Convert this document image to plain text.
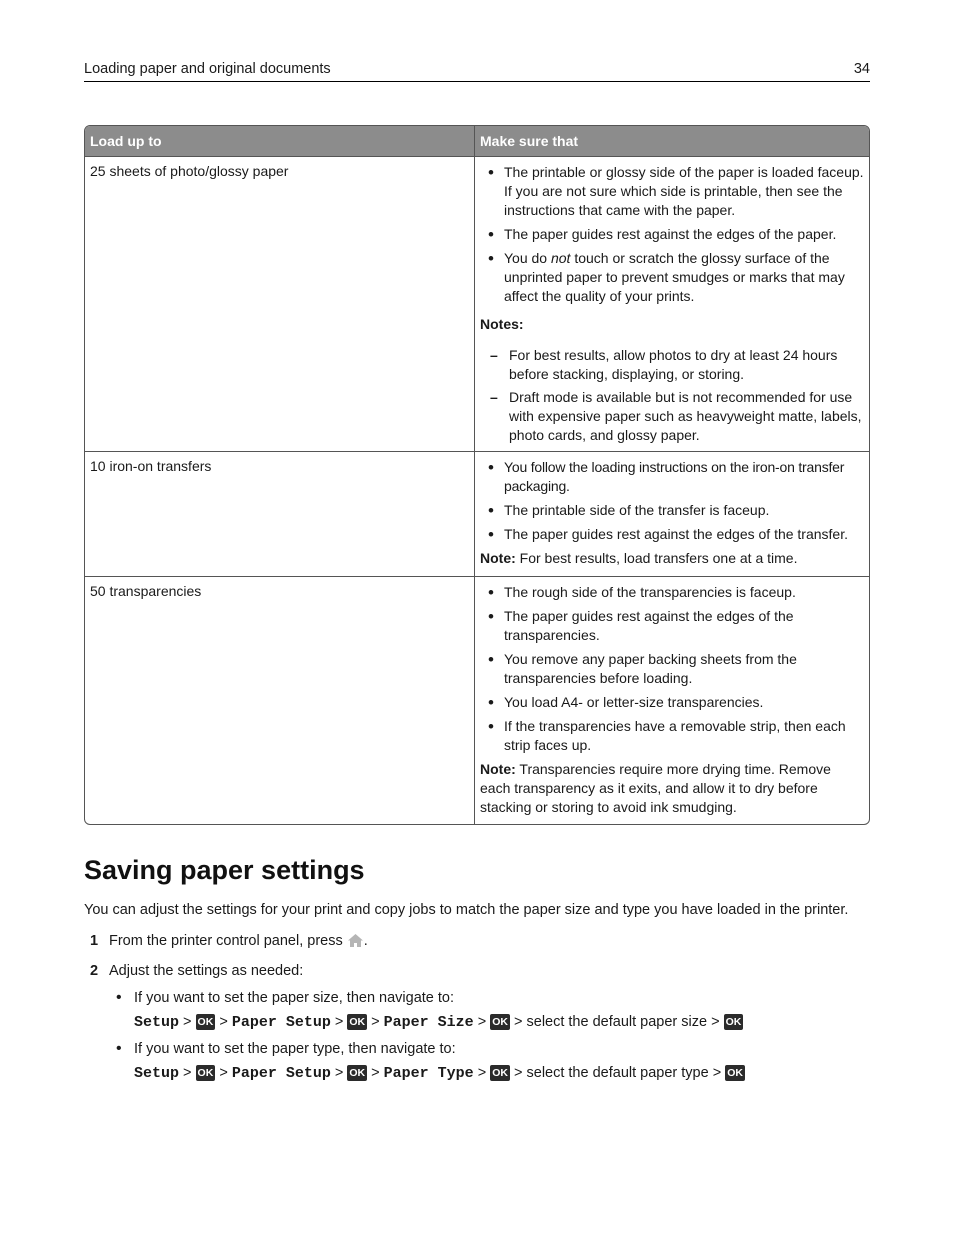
Loading paper and original documents	34
Load up to	Make sure that
25 sheets of photo/glossy paper	• The printable or glossy side of the paper is loaded faceup. If you are not sure which side is printable, then see the instructions that came with the paper.
• The paper guides rest against the edges of the paper.
• You do not touch or scratch the glossy surface of the unprinted paper to prevent smudges or marks that may affect the quality of your prints.
Notes:
– For best results, allow photos to dry at least 24 hours before stacking, displaying, or storing.
– Draft mode is available but is not recommended for use with expensive paper such as heavyweight matte, labels, photo cards, and glossy paper.
10 iron-on transfers	• You follow the loading instructions on the iron-on transfer packaging.
• The printable side of the transfer is faceup.
• The paper guides rest against the edges of the transfer.
Note: For best results, load transfers one at a time.
50 transparencies	• The rough side of the transparencies is faceup.
• The paper guides rest against the edges of the transparencies.
• You remove any paper backing sheets from the transparencies before loading.
• You load A4- or letter-size transparencies.
• If the transparencies have a removable strip, then each strip faces up.
Note: Transparencies require more drying time. Remove each transparency as it exits, and allow it to dry before stacking or storing to avoid ink smudging.
Saving paper settings
You can adjust the settings for your print and copy jobs to match the paper size and type you have loaded in the printer.
1 From the printer control panel, press .
2 Adjust the settings as needed:
• If you want to set the paper size, then navigate to:
Setup > OK > Paper Setup > OK > Paper Size > OK > select the default paper size > OK
• If you want to set the paper type, then navigate to:
Setup > OK > Paper Setup > OK > Paper Type > OK > select the default paper type > OK
